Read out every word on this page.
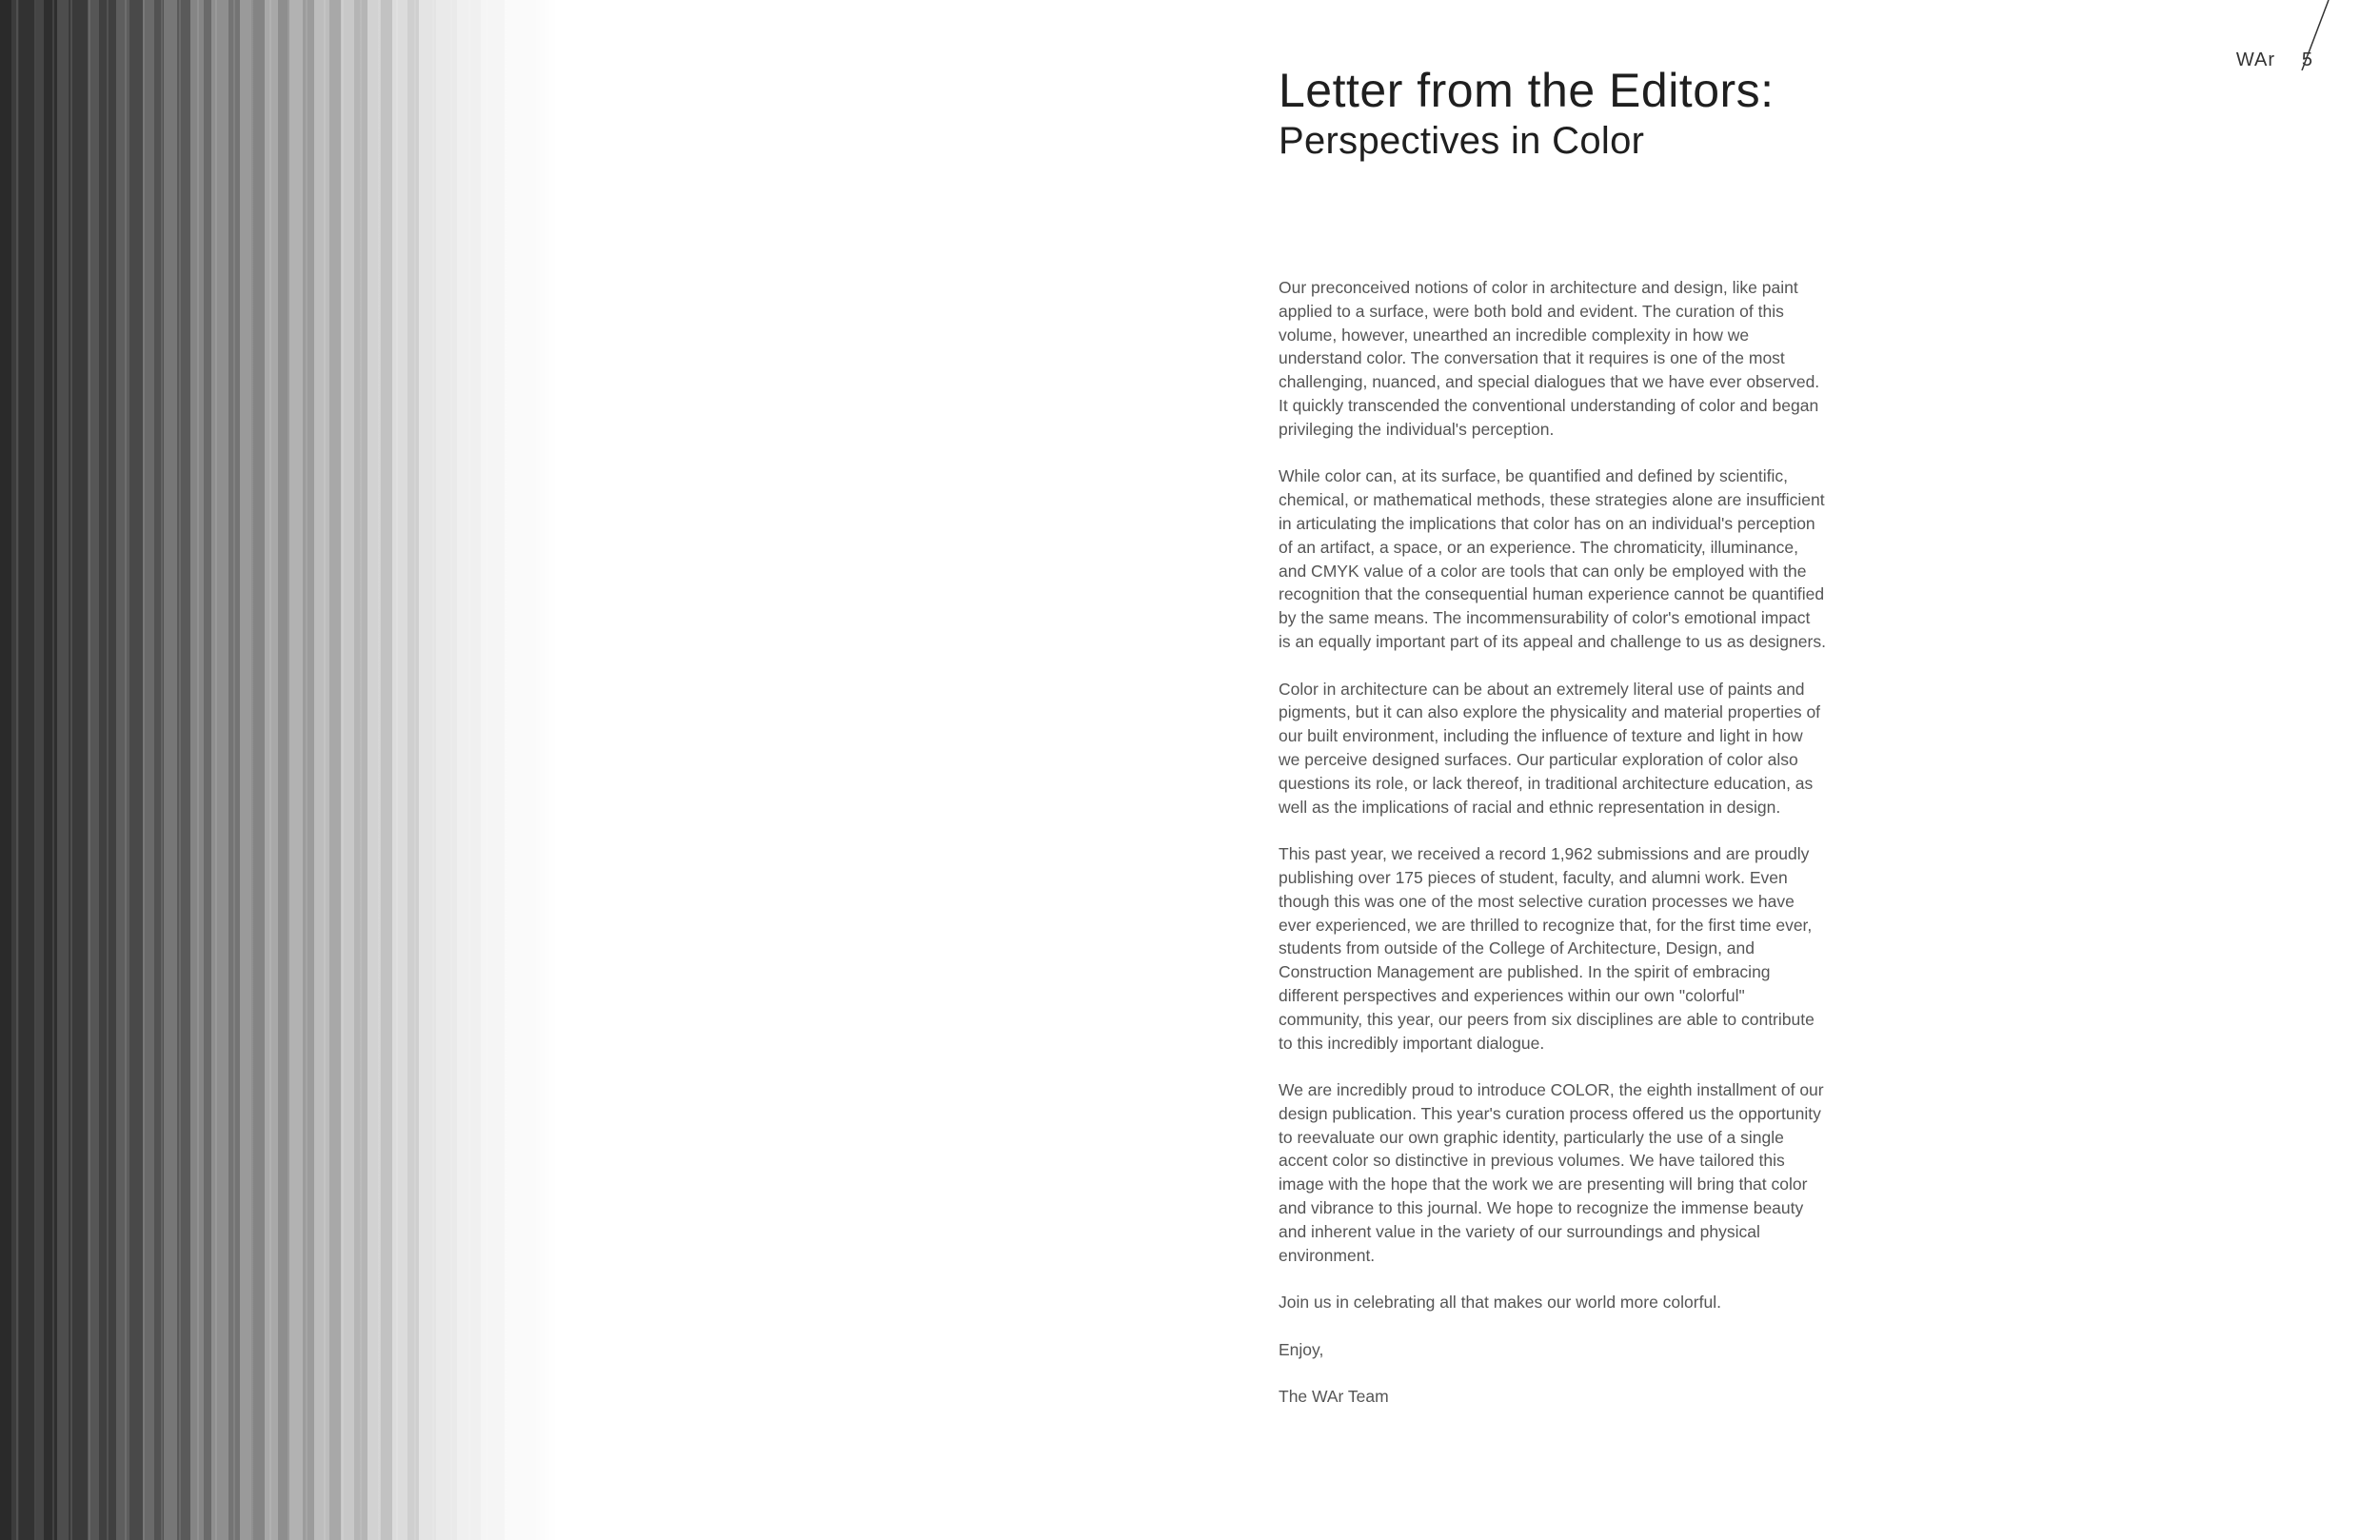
WAr 5
Letter from the Editors:
Perspectives in Color

Our preconceived notions of color in architecture and design, like paint applied to a surface, were both bold and evident. The curation of this volume, however, unearthed an incredible complexity in how we understand color. The conversation that it requires is one of the most challenging, nuanced, and special dialogues that we have ever observed. It quickly transcended the conventional understanding of color and began privileging the individual's perception.

While color can, at its surface, be quantified and defined by scientific, chemical, or mathematical methods, these strategies alone are insufficient in articulating the implications that color has on an individual's perception of an artifact, a space, or an experience. The chromaticity, illuminance, and CMYK value of a color are tools that can only be employed with the recognition that the consequential human experience cannot be quantified by the same means. The incommensurability of color's emotional impact is an equally important part of its appeal and challenge to us as designers.

Color in architecture can be about an extremely literal use of paints and pigments, but it can also explore the physicality and material properties of our built environment, including the influence of texture and light in how we perceive designed surfaces. Our particular exploration of color also questions its role, or lack thereof, in traditional architecture education, as well as the implications of racial and ethnic representation in design.

This past year, we received a record 1,962 submissions and are proudly publishing over 175 pieces of student, faculty, and alumni work. Even though this was one of the most selective curation processes we have ever experienced, we are thrilled to recognize that, for the first time ever, students from outside of the College of Architecture, Design, and Construction Management are published. In the spirit of embracing different perspectives and experiences within our own "colorful" community, this year, our peers from six disciplines are able to contribute to this incredibly important dialogue.

We are incredibly proud to introduce COLOR, the eighth installment of our design publication. This year's curation process offered us the opportunity to reevaluate our own graphic identity, particularly the use of a single accent color so distinctive in previous volumes. We have tailored this image with the hope that the work we are presenting will bring that color and vibrance to this journal. We hope to recognize the immense beauty and inherent value in the variety of our surroundings and physical environment.

Join us in celebrating all that makes our world more colorful.

Enjoy,

The WAr Team
